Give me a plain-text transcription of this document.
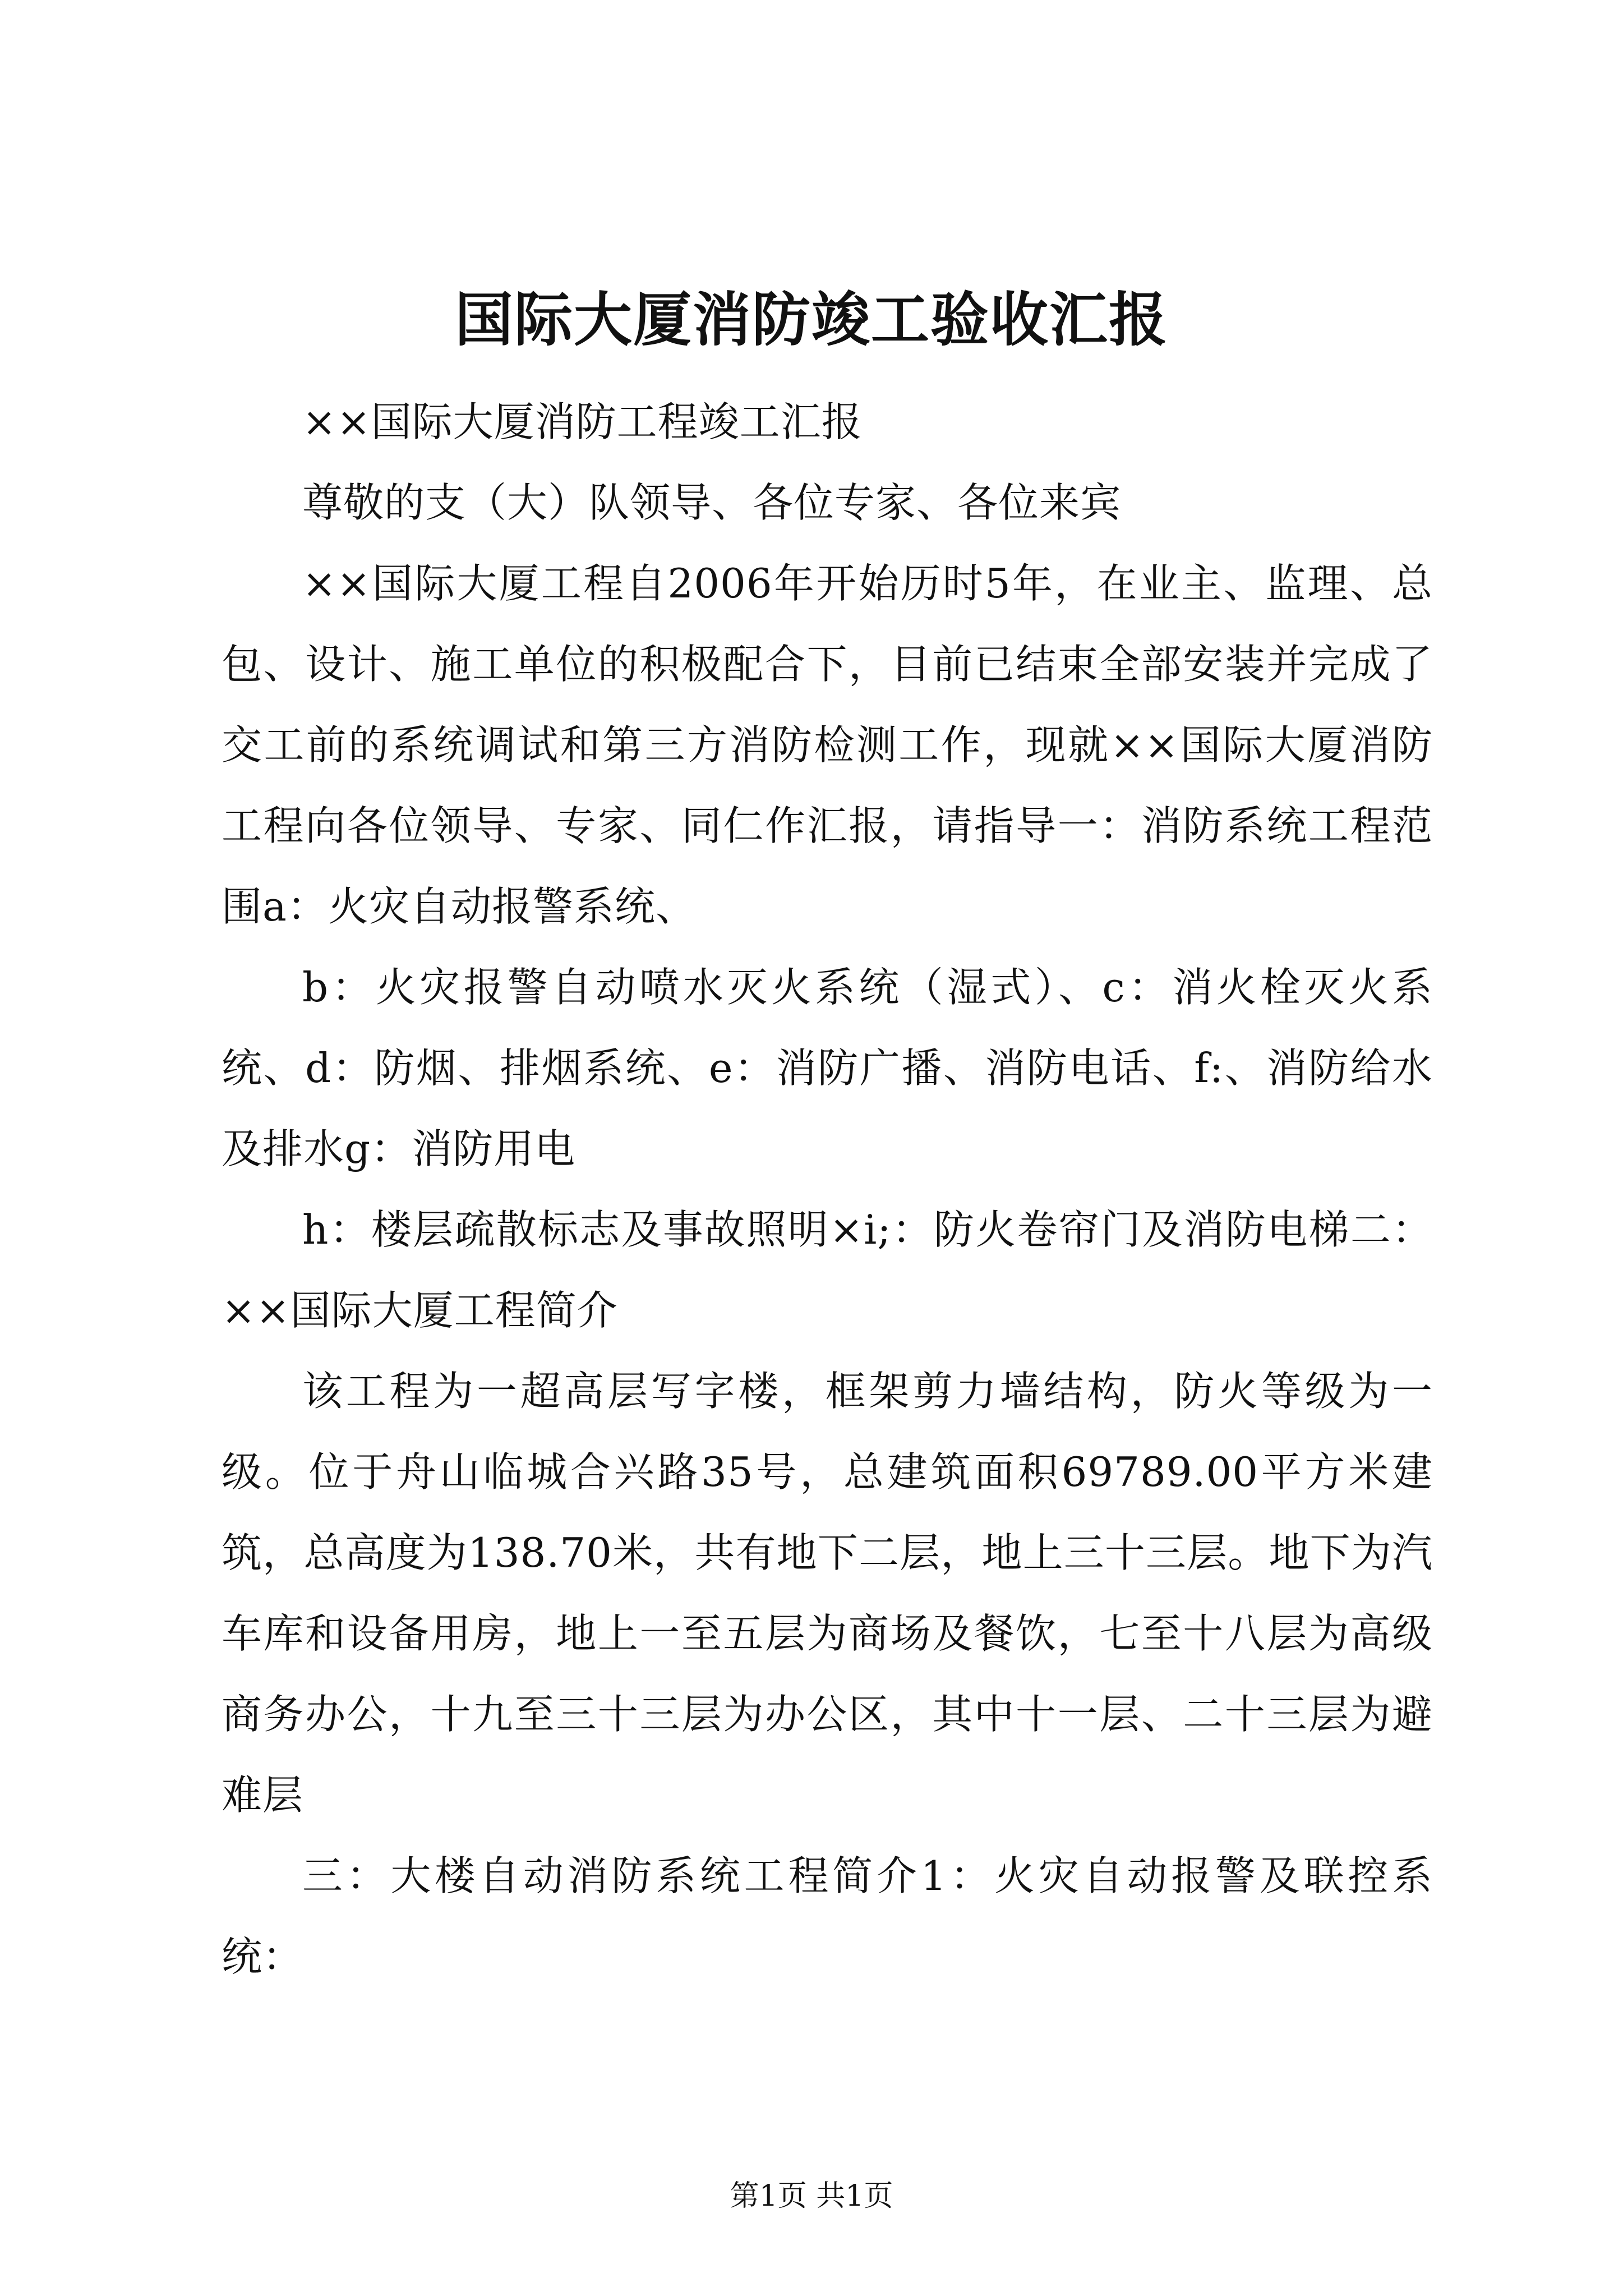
国际大厦消防竣工验收汇报

××国际大厦消防工程竣工汇报

尊敬的支（大）队领导、各位专家、各位来宾

××国际大厦工程自2006年开始历时5年，在业主、监理、总包、设计、施工单位的积极配合下，目前已结束全部安装并完成了交工前的系统调试和第三方消防检测工作，现就××国际大厦消防工程向各位领导、专家、同仁作汇报，请指导一：消防系统工程范围a：火灾自动报警系统、

b：火灾报警自动喷水灭火系统（湿式）、c：消火栓灭火系统、d：防烟、排烟系统、e：消防广播、消防电话、f:、消防给水及排水g：消防用电

h：楼层疏散标志及事故照明×i;：防火卷帘门及消防电梯二：××国际大厦工程简介

该工程为一超高层写字楼，框架剪力墙结构，防火等级为一级。位于舟山临城合兴路35号，总建筑面积69789.00平方米建筑，总高度为138.70米，共有地下二层，地上三十三层。地下为汽车库和设备用房，地上一至五层为商场及餐饮，七至十八层为高级商务办公，十九至三十三层为办公区，其中十一层、二十三层为避难层

三：大楼自动消防系统工程简介1：火灾自动报警及联控系统：

第1页 共1页
